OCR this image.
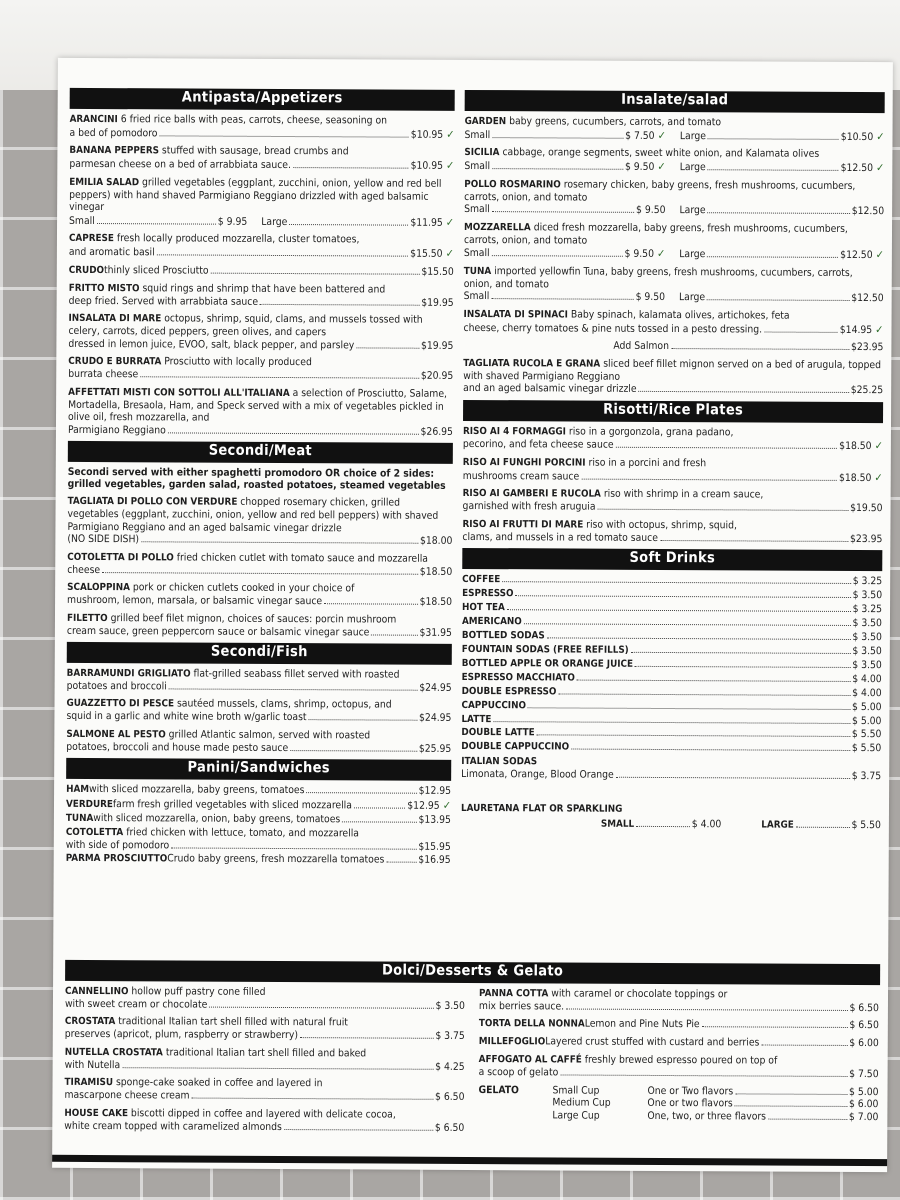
Antipasta/Appetizers
ARANCINI 6 fried rice balls with peas, carrots, cheese, seasoning on
a bed of pomodoro	$10.95 ✓
BANANA PEPPERS stuffed with sausage, bread crumbs and
parmesan cheese on a bed of arrabbiata sauce.	$10.95 ✓
EMILIA SALAD grilled vegetables (eggplant, zucchini, onion, yellow and red bell peppers) with hand shaved Parmigiano Reggiano drizzled with aged balsamic vinegar
Small	$ 9.95 Large	$11.95 ✓
CAPRESE fresh locally produced mozzarella, cluster tomatoes,
and aromatic basil	$15.50 ✓
CRUDO thinly sliced Prosciutto	$15.50
FRITTO MISTO squid rings and shrimp that have been battered and
deep fried. Served with arrabbiata sauce	$19.95
INSALATA DI MARE octopus, shrimp, squid, clams, and mussels tossed with celery, carrots, diced peppers, green olives, and capers
dressed in lemon juice, EVOO, salt, black pepper, and parsley	$19.95
CRUDO E BURRATA Prosciutto with locally produced
burrata cheese	$20.95
AFFETTATI MISTI CON SOTTOLI ALL'ITALIANA a selection of Prosciutto, Salame, Mortadella, Bresaola, Ham, and Speck served with a mix of vegetables pickled in olive oil, fresh mozzarella, and
Parmigiano Reggiano	$26.95
Secondi/Meat
Secondi served with either spaghetti promodoro OR choice of 2 sides: grilled vegetables, garden salad, roasted potatoes, steamed vegetables
TAGLIATA DI POLLO CON VERDURE chopped rosemary chicken, grilled vegetables (eggplant, zucchini, onion, yellow and red bell peppers) with shaved Parmigiano Reggiano and an aged balsamic vinegar drizzle
(NO SIDE DISH)	$18.00
COTOLETTA DI POLLO fried chicken cutlet with tomato sauce and mozzarella
cheese	$18.50
SCALOPPINA pork or chicken cutlets cooked in your choice of
mushroom, lemon, marsala, or balsamic vinegar sauce	$18.50
FILETTO grilled beef filet mignon, choices of sauces: porcin mushroom
cream sauce, green peppercorn sauce or balsamic vinegar sauce	$31.95
Secondi/Fish
BARRAMUNDI GRIGLIATO flat-grilled seabass fillet served with roasted
potatoes and broccoli	$24.95
GUAZZETTO DI PESCE sautéed mussels, clams, shrimp, octopus, and
squid in a garlic and white wine broth w/garlic toast	$24.95
SALMONE AL PESTO grilled Atlantic salmon, served with roasted
potatoes, broccoli and house made pesto sauce	$25.95
Panini/Sandwiches
HAM with sliced mozzarella, baby greens, tomatoes	$12.95
VERDURE farm fresh grilled vegetables with sliced mozzarella	$12.95 ✓
TUNA with sliced mozzarella, onion, baby greens, tomatoes	$13.95
COTOLETTA fried chicken with lettuce, tomato, and mozzarella
with side of pomodoro	$15.95
PARMA PROSCIUTTO Crudo baby greens, fresh mozzarella tomatoes	$16.95
Insalate/salad
GARDEN baby greens, cucumbers, carrots, and tomato
Small	$ 7.50 ✓ Large	$10.50 ✓
SICILIA cabbage, orange segments, sweet white onion, and Kalamata olives
Small	$ 9.50 ✓ Large	$12.50 ✓
POLLO ROSMARINO rosemary chicken, baby greens, fresh mushrooms, cucumbers, carrots, onion, and tomato
Small	$ 9.50 Large	$12.50
MOZZARELLA diced fresh mozzarella, baby greens, fresh mushrooms, cucumbers, carrots, onion, and tomato
Small	$ 9.50 ✓ Large	$12.50 ✓
TUNA imported yellowfin Tuna, baby greens, fresh mushrooms, cucumbers, carrots, onion, and tomato
Small	$ 9.50 Large	$12.50
INSALATA DI SPINACI Baby spinach, kalamata olives, artichokes, feta
cheese, cherry tomatoes & pine nuts tossed in a pesto dressing.	$14.95 ✓
Add Salmon	$23.95
TAGLIATA RUCOLA E GRANA sliced beef fillet mignon served on a bed of arugula, topped with shaved Parmigiano Reggiano
and an aged balsamic vinegar drizzle	$25.25
Risotti/Rice Plates
RISO AI 4 FORMAGGI riso in a gorgonzola, grana padano,
pecorino, and feta cheese sauce	$18.50 ✓
RISO AI FUNGHI PORCINI riso in a porcini and fresh
mushrooms cream sauce	$18.50 ✓
RISO AI GAMBERI E RUCOLA riso with shrimp in a cream sauce,
garnished with fresh aruguia	$19.50
RISO AI FRUTTI DI MARE riso with octopus, shrimp, squid,
clams, and mussels in a red tomato sauce	$23.95
Soft Drinks
COFFEE	$ 3.25
ESPRESSO	$ 3.50
HOT TEA	$ 3.25
AMERICANO	$ 3.50
BOTTLED SODAS	$ 3.50
FOUNTAIN SODAS (FREE REFILLS)	$ 3.50
BOTTLED APPLE OR ORANGE JUICE	$ 3.50
ESPRESSO MACCHIATO	$ 4.00
DOUBLE ESPRESSO	$ 4.00
CAPPUCCINO	$ 5.00
LATTE	$ 5.00
DOUBLE LATTE	$ 5.50
DOUBLE CAPPUCCINO	$ 5.50
ITALIAN SODAS
Limonata, Orange, Blood Orange	$ 3.75
LAURETANA FLAT OR SPARKLING
SMALL	$ 4.00	LARGE	$ 5.50
Dolci/Desserts & Gelato
CANNELLINO hollow puff pastry cone filled
with sweet cream or chocolate	$ 3.50
CROSTATA traditional Italian tart shell filled with natural fruit
preserves (apricot, plum, raspberry or strawberry)	$ 3.75
NUTELLA CROSTATA traditional Italian tart shell filled and baked
with Nutella	$ 4.25
TIRAMISU sponge-cake soaked in coffee and layered in
mascarpone cheese cream	$ 6.50
HOUSE CAKE biscotti dipped in coffee and layered with delicate cocoa,
white cream topped with caramelized almonds	$ 6.50
PANNA COTTA with caramel or chocolate toppings or
mix berries sauce.	$ 6.50
TORTA DELLA NONNA Lemon and Pine Nuts Pie	$ 6.50
MILLEFOGLIO Layered crust stuffed with custard and berries	$ 6.00
AFFOGATO AL CAFFÉ freshly brewed espresso poured on top of
a scoop of gelato	$ 7.50
GELATO	Small Cup	One or Two flavors	$ 5.00
Medium Cup	One or two flavors	$ 6.00
Large Cup	One, two, or three flavors	$ 7.00
